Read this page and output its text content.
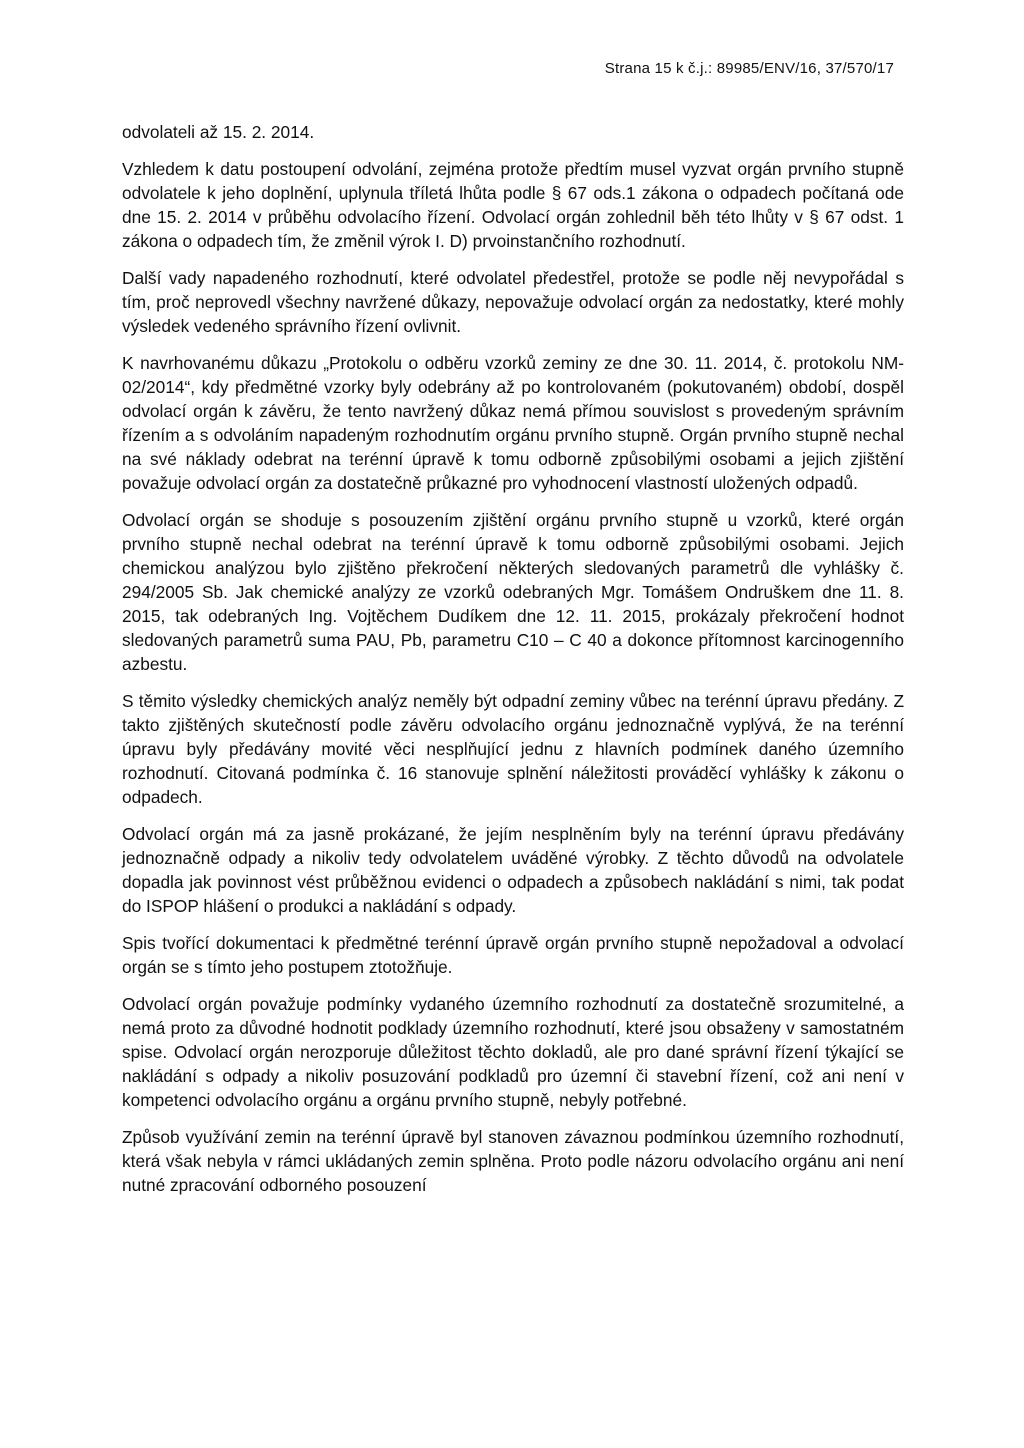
Strana 15 k č.j.: 89985/ENV/16, 37/570/17

odvolateli až 15. 2. 2014.

Vzhledem k datu postoupení odvolání, zejména protože předtím musel vyzvat orgán prvního stupně odvolatele k jeho doplnění, uplynula tříletá lhůta podle § 67 ods.1 zákona o odpadech počítaná ode dne 15. 2. 2014 v průběhu odvolacího řízení. Odvolací orgán zohlednil běh této lhůty v § 67 odst. 1 zákona o odpadech tím, že změnil výrok I. D) prvoinstančního rozhodnutí.

Další vady napadeného rozhodnutí, které odvolatel předestřel, protože se podle něj nevypořádal s tím, proč neprovedl všechny navržené důkazy, nepovažuje odvolací orgán za nedostatky, které mohly výsledek vedeného správního řízení ovlivnit.

K navrhovanému důkazu „Protokolu o odběru vzorků zeminy ze dne 30. 11. 2014, č. protokolu NM-02/2014“, kdy předmětné vzorky byly odebrány až po kontrolovaném (pokutovaném) období, dospěl odvolací orgán k závěru, že tento navržený důkaz nemá přímou souvislost s provedeným správním řízením a s odvoláním napadeným rozhodnutím orgánu prvního stupně. Orgán prvního stupně nechal na své náklady odebrat na terénní úpravě k tomu odborně způsobilými osobami a jejich zjištění považuje odvolací orgán za dostatečně průkazné pro vyhodnocení vlastností uložených odpadů.

Odvolací orgán se shoduje s posouzením zjištění orgánu prvního stupně u vzorků, které orgán prvního stupně nechal odebrat na terénní úpravě k tomu odborně způsobilými osobami. Jejich chemickou analýzou bylo zjištěno překročení některých sledovaných parametrů dle vyhlášky č. 294/2005 Sb. Jak chemické analýzy ze vzorků odebraných Mgr. Tomášem Ondruškem dne 11. 8. 2015, tak odebraných Ing. Vojtěchem Dudíkem dne 12. 11. 2015, prokázaly překročení hodnot sledovaných parametrů suma PAU, Pb, parametru C10 – C 40 a dokonce přítomnost karcinogenního azbestu.

S těmito výsledky chemických analýz neměly být odpadní zeminy vůbec na terénní úpravu předány. Z takto zjištěných skutečností podle závěru odvolacího orgánu jednoznačně vyplývá, že na terénní úpravu byly předávány movité věci nesplňující jednu z hlavních podmínek daného územního rozhodnutí. Citovaná podmínka č. 16 stanovuje splnění náležitosti prováděcí vyhlášky k zákonu o odpadech.

Odvolací orgán má za jasně prokázané, že jejím nesplněním byly na terénní úpravu předávány jednoznačně odpady a nikoliv tedy odvolatelem uváděné výrobky. Z těchto důvodů na odvolatele dopadla jak povinnost vést průběžnou evidenci o odpadech a způsobech nakládání s nimi, tak podat do ISPOP hlášení o produkci a nakládání s odpady.

Spis tvořící dokumentaci k předmětné terénní úpravě orgán prvního stupně nepožadoval a odvolací orgán se s tímto jeho postupem ztotožňuje.

Odvolací orgán považuje podmínky vydaného územního rozhodnutí za dostatečně srozumitelné, a nemá proto za důvodné hodnotit podklady územního rozhodnutí, které jsou obsaženy v samostatném spise. Odvolací orgán nerozporuje důležitost těchto dokladů, ale pro dané správní řízení týkající se nakládání s odpady a nikoliv posuzování podkladů pro územní či stavební řízení, což ani není v kompetenci odvolacího orgánu a orgánu prvního stupně, nebyly potřebné.

Způsob využívání zemin na terénní úpravě byl stanoven závaznou podmínkou územního rozhodnutí, která však nebyla v rámci ukládaných zemin splněna. Proto podle názoru odvolacího orgánu ani není nutné zpracování odborného posouzení
